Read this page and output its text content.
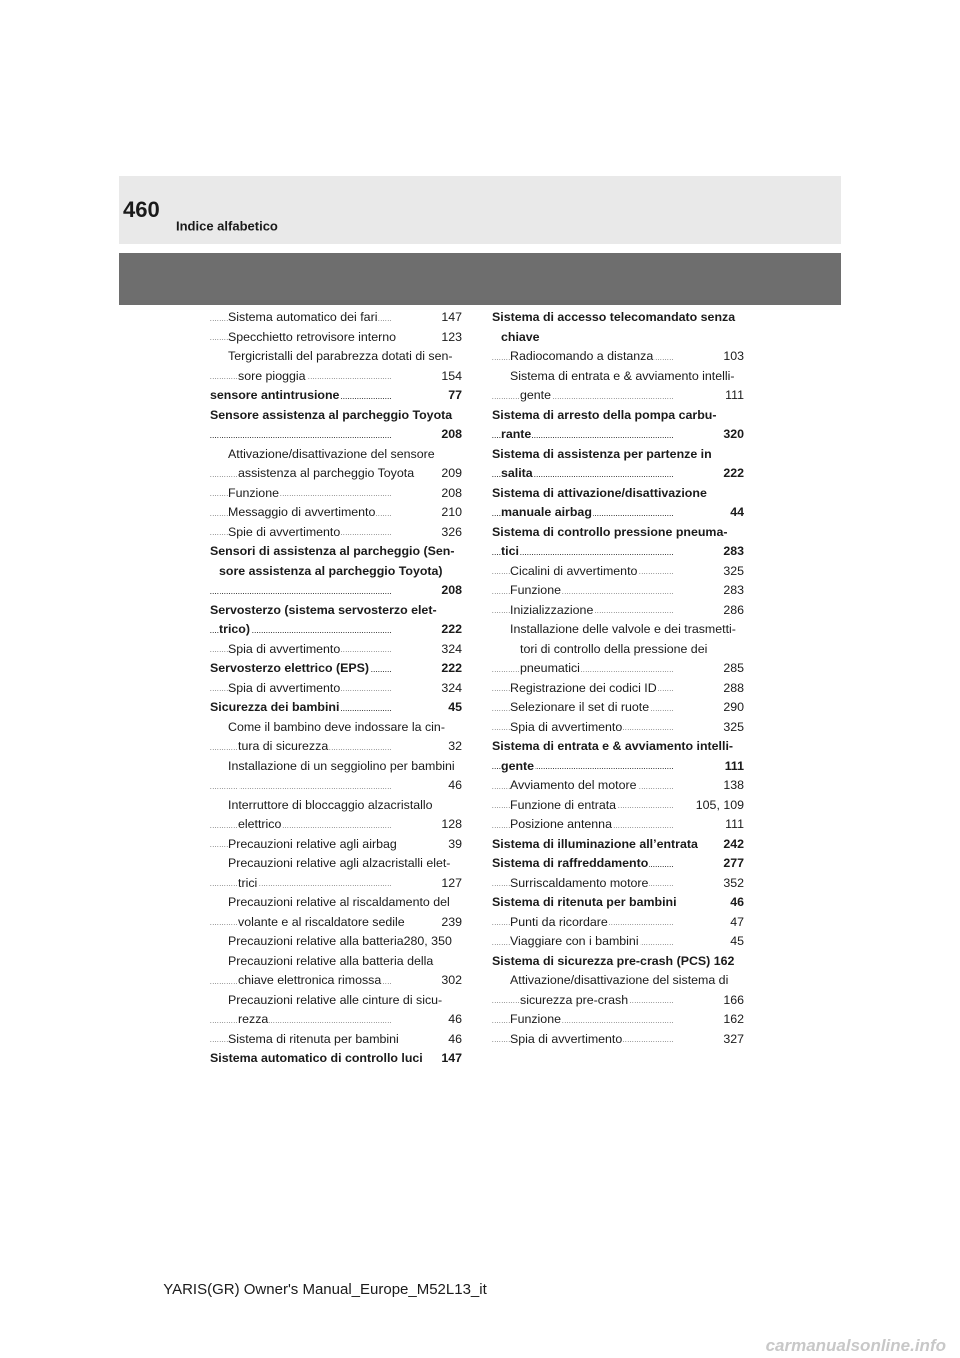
460
Indice alfabetico
Sistema automatico dei fari	147
. . .
Specchietto retrovisore interno	123
. . .
Tergicristalli del parabrezza dotati di sen-
sore pioggia	154
. . .
sensore antintrusione	77
. . .
Sensore assistenza al parcheggio Toyota
208
. . .
Attivazione/disattivazione del sensore
assistenza al parcheggio Toyota 209
. . .
Funzione	208
. . .
Messaggio di avvertimento	210
. . .
Spie di avvertimento	326
. . .
Sensori di assistenza al parcheggio (Sen-
sore assistenza al parcheggio Toyota)
208
. . .
Servosterzo (sistema servosterzo elet-
trico)	222
. . .
Spia di avvertimento	324
. . .
Servosterzo elettrico (EPS)	222
. . .
Spia di avvertimento	324
. . .
Sicurezza dei bambini	45
. . .
Come il bambino deve indossare la cin-
tura di sicurezza	32
. . .
Installazione di un seggiolino per bambini
46
. . .
Interruttore di bloccaggio alzacristallo
elettrico	128
. . .
Precauzioni relative agli airbag	39
. . .
Precauzioni relative agli alzacristalli elet-
trici	127
. . .
Precauzioni relative al riscaldamento del
volante e al riscaldatore sedile	239
. . .
Precauzioni relative alla batteria280, 350
Precauzioni relative alla batteria della
chiave elettronica rimossa	302
. . .
Precauzioni relative alle cinture di sicu-
rezza	46
. . .
Sistema di ritenuta per bambini	46
. . .
Sistema automatico di controllo luci 147
. . .
Sistema di accesso telecomandato senza
chiave
Radiocomando a distanza	103
. . .
Sistema di entrata e & avviamento intelli-
gente	111
. . .
Sistema di arresto della pompa carbu-
rante	320
. . .
Sistema di assistenza per partenze in
salita	222
. . .
Sistema di attivazione/disattivazione
manuale airbag	44
. . .
Sistema di controllo pressione pneuma-
tici	283
. . .
Cicalini di avvertimento	325
. . .
Funzione	283
. . .
Inizializzazione	286
. . .
Installazione delle valvole e dei trasmetti-
tori di controllo della pressione dei
pneumatici	285
. . .
Registrazione dei codici ID	288
. . .
Selezionare il set di ruote	290
. . .
Spia di avvertimento	325
. . .
Sistema di entrata e & avviamento intelli-
gente	111
. . .
Avviamento del motore	138
. . .
Funzione di entrata	105, 109
. . .
Posizione antenna	111
. . .
Sistema di illuminazione all’entrata 242
. . .
Sistema di raffreddamento	277
. . .
Surriscaldamento motore	352
. . .
Sistema di ritenuta per bambini	46
. . .
Punti da ricordare	47
. . .
Viaggiare con i bambini	45
. . .
Sistema di sicurezza pre-crash (PCS) 162
Attivazione/disattivazione del sistema di
sicurezza pre-crash	166
. . .
Funzione	162
. . .
Spia di avvertimento	327
. . .
YARIS(GR) Owner's Manual_Europe_M52L13_it
carmanualsonline.info
